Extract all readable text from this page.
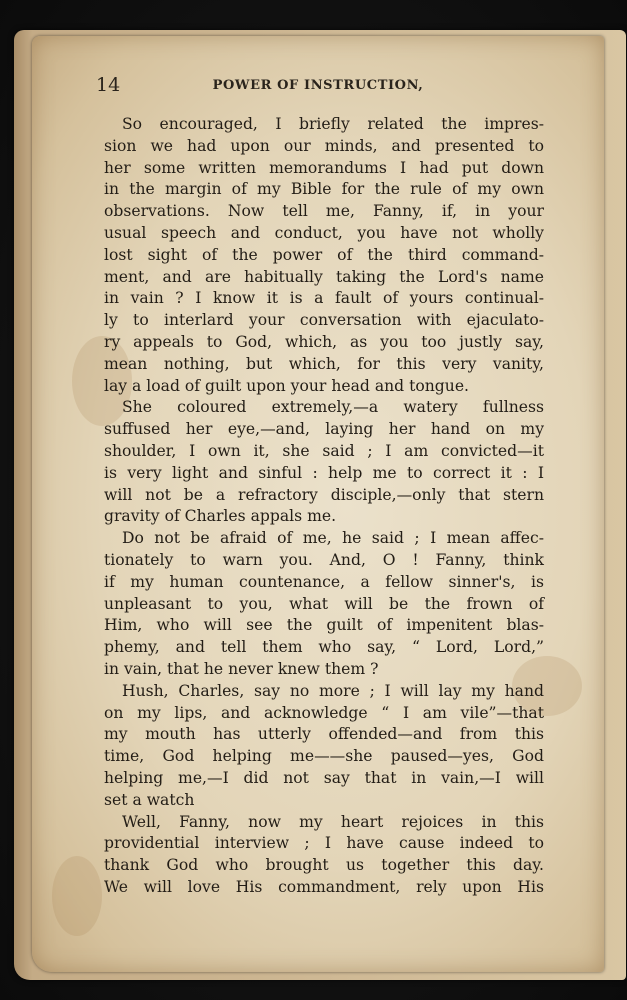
14	POWER OF INSTRUCTION,
So encouraged, I briefly related the impres-
sion we had upon our minds, and presented to
her some written memorandums I had put down
in the margin of my Bible for the rule of my own
observations. Now tell me, Fanny, if, in your
usual speech and conduct, you have not wholly
lost sight of the power of the third command-
ment, and are habitually taking the Lord's name
in vain ? I know it is a fault of yours continual-
ly to interlard your conversation with ejaculato-
ry appeals to God, which, as you too justly say,
mean nothing, but which, for this very vanity,
lay a load of guilt upon your head and tongue.
She coloured extremely,—a watery fullness
suffused her eye,—and, laying her hand on my
shoulder, I own it, she said ; I am convicted—it
is very light and sinful : help me to correct it : I
will not be a refractory disciple,—only that stern
gravity of Charles appals me.
Do not be afraid of me, he said ; I mean affec-
tionately to warn you. And, O ! Fanny, think
if my human countenance, a fellow sinner's, is
unpleasant to you, what will be the frown of
Him, who will see the guilt of impenitent blas-
phemy, and tell them who say, “ Lord, Lord,”
in vain, that he never knew them ?
Hush, Charles, say no more ; I will lay my hand
on my lips, and acknowledge “ I am vile”—that
my mouth has utterly offended—and from this
time, God helping me——she paused—yes, God
helping me,—I did not say that in vain,—I will
set a watch
Well, Fanny, now my heart rejoices in this
providential interview ; I have cause indeed to
thank God who brought us together this day.
We will love His commandment, rely upon His
